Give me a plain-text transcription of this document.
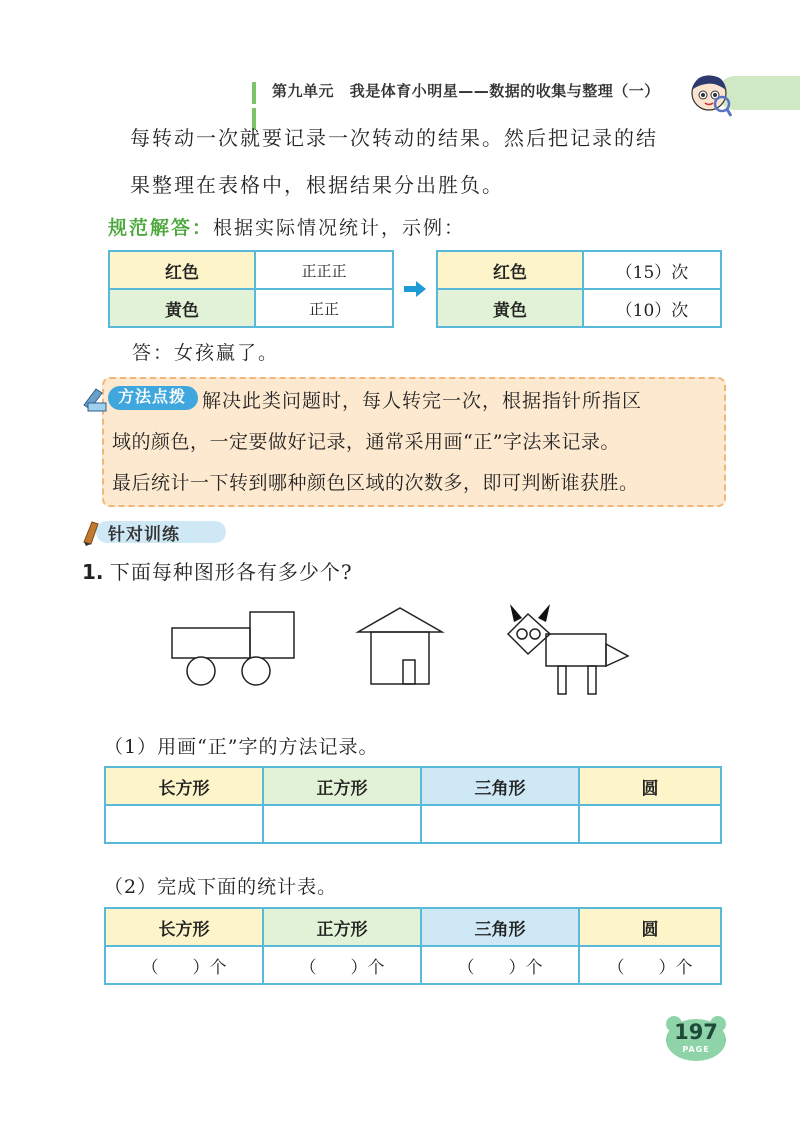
第九单元 我是体育小明星——数据的收集与整理（一）
每转动一次就要记录一次转动的结果。然后把记录的结
果整理在表格中，根据结果分出胜负。
规范解答：根据实际情况统计，示例：
红色	正正正
黄色	正正
红色	（15）次
黄色	（10）次
答：女孩赢了。
方法点拨 解决此类问题时，每人转完一次，根据指针所指区
域的颜色，一定要做好记录，通常采用画“正”字法来记录。
最后统计一下转到哪种颜色区域的次数多，即可判断谁获胜。
针对训练
1. 下面每种图形各有多少个?
（1）用画“正”字的方法记录。
长方形	正方形	三角形	圆

（2）完成下面的统计表。
长方形	正方形	三角形	圆
（　　）个	（　　）个	（　　）个	（　　）个
197
PAGE
